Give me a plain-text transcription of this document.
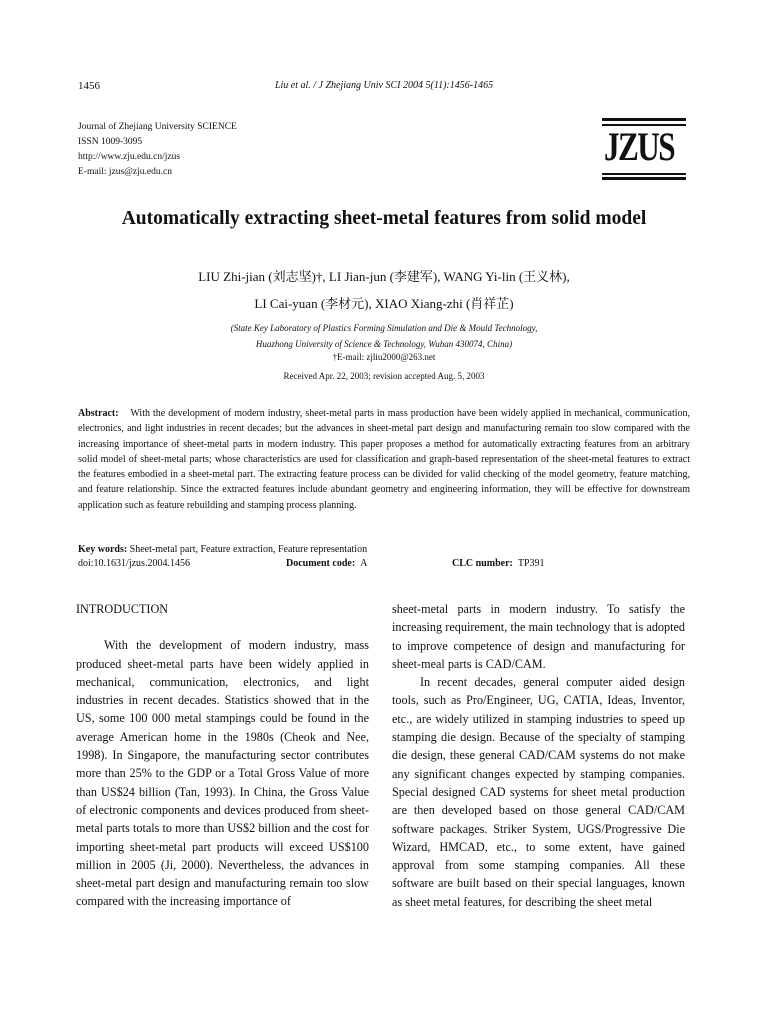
1456	Liu et al. / J Zhejiang Univ SCI 2004 5(11):1456-1465
Journal of Zhejiang University SCIENCE
ISSN 1009-3095
http://www.zju.edu.cn/jzus
E-mail: jzus@zju.edu.cn
JZUS
Automatically extracting sheet-metal features from solid model
LIU Zhi-jian (刘志坚)†, LI Jian-jun (李建军), WANG Yi-lin (王义林),
LI Cai-yuan (李材元), XIAO Xiang-zhi (肖祥芷)
(State Key Laboratory of Plastics Forming Simulation and Die & Mould Technology,
Huazhong University of Science & Technology, Wuhan 430074, China)
†E-mail: zjliu2000@263.net
Received Apr. 22, 2003; revision accepted Aug. 5, 2003
Abstract: With the development of modern industry, sheet-metal parts in mass production have been widely applied in mechanical, communication, electronics, and light industries in recent decades; but the advances in sheet-metal part design and manufacturing remain too slow compared with the increasing importance of sheet-metal parts in modern industry. This paper proposes a method for automatically extracting features from an arbitrary solid model of sheet-metal parts; whose characteristics are used for classification and graph-based representation of the sheet-metal features to extract the features embodied in a sheet-metal part. The extracting feature process can be divided for valid checking of the model geometry, feature matching, and feature relationship. Since the extracted features include abundant geometry and engineering information, they will be effective for downstream application such as feature rebuilding and stamping process planning.
Key words: Sheet-metal part, Feature extraction, Feature representation
doi:10.1631/jzus.2004.1456	Document code: A	CLC number: TP391

INTRODUCTION

With the development of modern industry, mass produced sheet-metal parts have been widely applied in mechanical, communication, electronics, and light industries in recent decades. Statistics showed that in the US, some 100 000 metal stampings could be found in the average American home in the 1980s (Cheok and Nee, 1998). In Singapore, the manufacturing sector contributes more than 25% to the GDP or a Total Gross Value of more than US$24 billion (Tan, 1993). In China, the Gross Value of electronic components and devices produced from sheet-metal parts totals to more than US$2 billion and the cost for importing sheet-metal part products will exceed US$100 million in 2005 (Ji, 2000). Nevertheless, the advances in sheet-metal part design and manufacturing remain too slow compared with the increasing importance of

sheet-metal parts in modern industry. To satisfy the increasing requirement, the main technology that is adopted to improve competence of design and manufacturing for sheet-meal parts is CAD/CAM.

In recent decades, general computer aided design tools, such as Pro/Engineer, UG, CATIA, Ideas, Inventor, etc., are widely utilized in stamping industries to speed up stamping die design. Because of the specialty of stamping die design, these general CAD/CAM systems do not make any significant changes expected by stamping companies. Special designed CAD systems for sheet metal production are then developed based on those general CAD/CAM software packages. Striker System, UGS/Progressive Die Wizard, HMCAD, etc., to some extent, have gained approval from some stamping companies. All these software are built based on their special languages, known as sheet metal features, for describing the sheet metal
